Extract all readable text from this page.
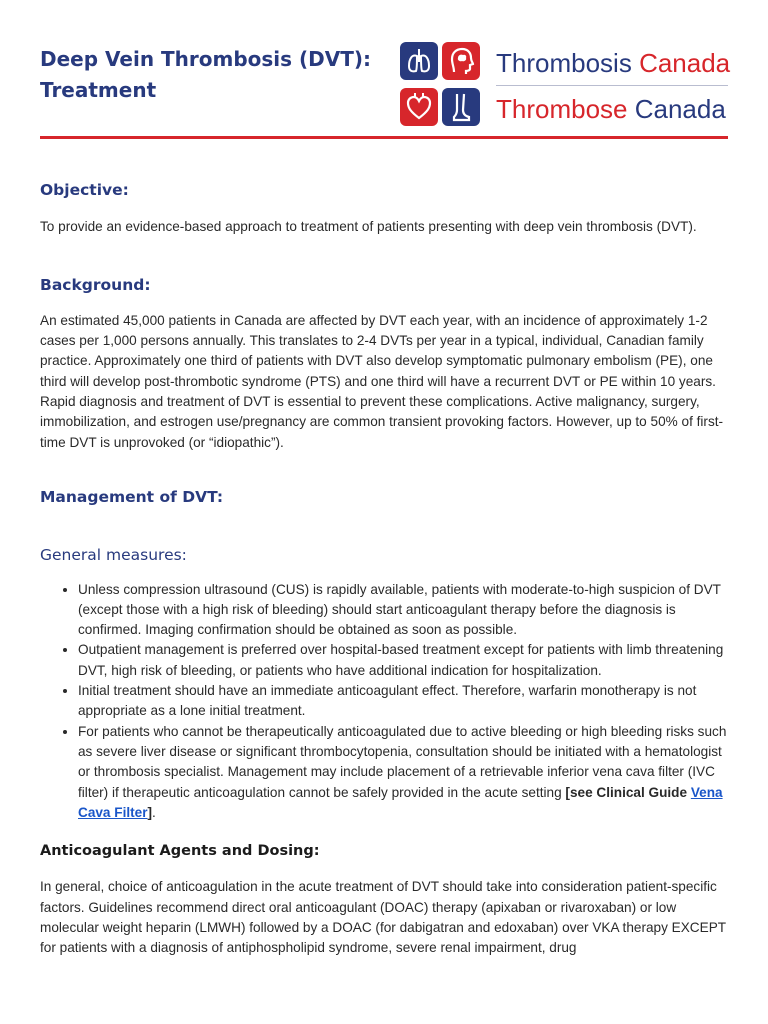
Deep Vein Thrombosis (DVT):
Treatment
Thrombosis Canada
Thrombose Canada
Objective:

To provide an evidence-based approach to treatment of patients presenting with deep vein thrombosis (DVT).

Background:

An estimated 45,000 patients in Canada are affected by DVT each year, with an incidence of approximately 1-2 cases per 1,000 persons annually. This translates to 2-4 DVTs per year in a typical, individual, Canadian family practice. Approximately one third of patients with DVT also develop symptomatic pulmonary embolism (PE), one third will develop post-thrombotic syndrome (PTS) and one third will have a recurrent DVT or PE within 10 years. Rapid diagnosis and treatment of DVT is essential to prevent these complications. Active malignancy, surgery, immobilization, and estrogen use/pregnancy are common transient provoking factors. However, up to 50% of first-time DVT is unprovoked (or “idiopathic”).

Management of DVT:
General measures:
• Unless compression ultrasound (CUS) is rapidly available, patients with moderate-to-high suspicion of DVT (except those with a high risk of bleeding) should start anticoagulant therapy before the diagnosis is confirmed. Imaging confirmation should be obtained as soon as possible.
• Outpatient management is preferred over hospital-based treatment except for patients with limb threatening DVT, high risk of bleeding, or patients who have additional indication for hospitalization.
• Initial treatment should have an immediate anticoagulant effect. Therefore, warfarin monotherapy is not appropriate as a lone initial treatment.
• For patients who cannot be therapeutically anticoagulated due to active bleeding or high bleeding risks such as severe liver disease or significant thrombocytopenia, consultation should be initiated with a hematologist or thrombosis specialist. Management may include placement of a retrievable inferior vena cava filter (IVC filter) if therapeutic anticoagulation cannot be safely provided in the acute setting [see Clinical Guide Vena Cava Filter].
Anticoagulant Agents and Dosing:

In general, choice of anticoagulation in the acute treatment of DVT should take into consideration patient-specific factors. Guidelines recommend direct oral anticoagulant (DOAC) therapy (apixaban or rivaroxaban) or low molecular weight heparin (LMWH) followed by a DOAC (for dabigatran and edoxaban) over VKA therapy EXCEPT for patients with a diagnosis of antiphospholipid syndrome, severe renal impairment, drug
